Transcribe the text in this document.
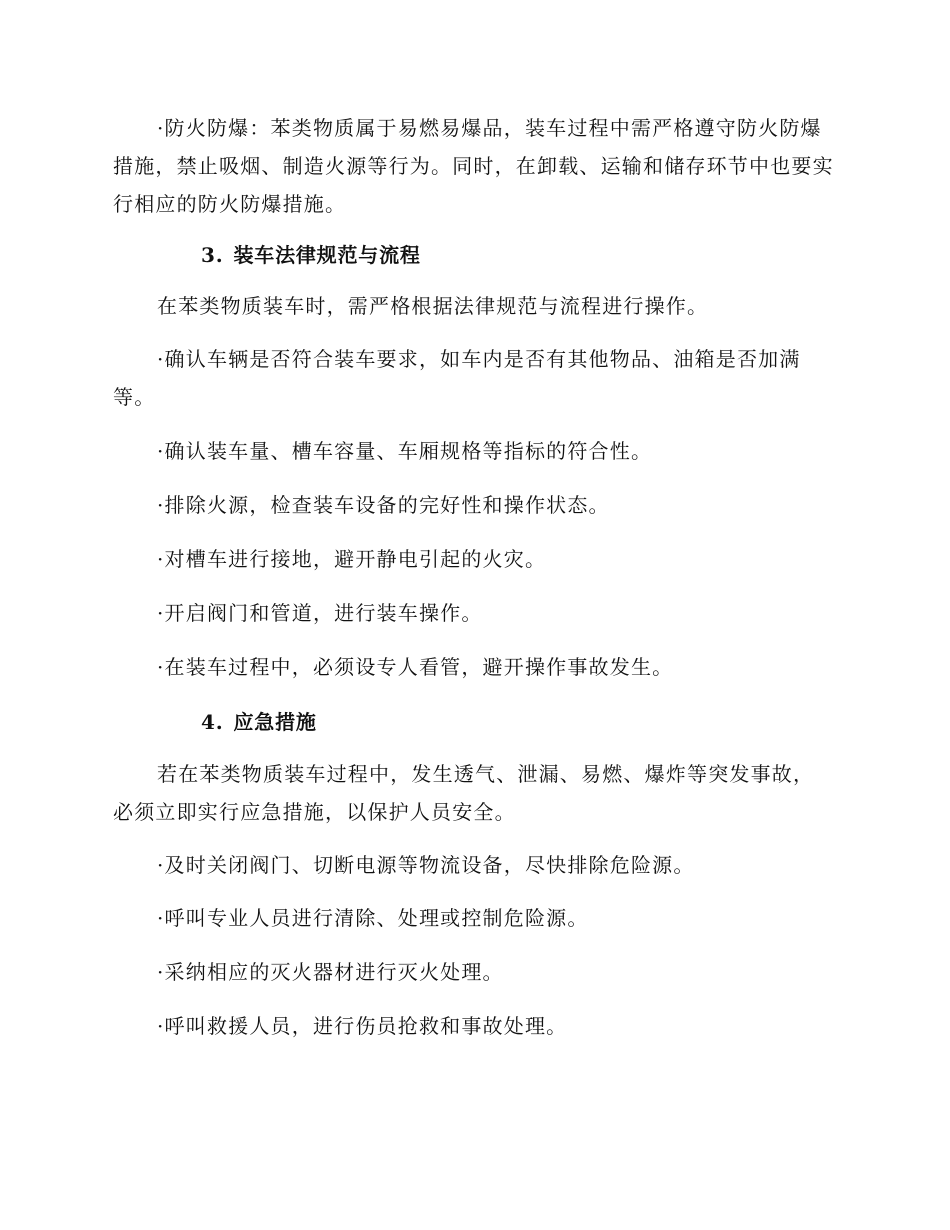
·防火防爆：苯类物质属于易燃易爆品，装车过程中需严格遵守防火防爆措施，禁止吸烟、制造火源等行为。同时，在卸载、运输和储存环节中也要实行相应的防火防爆措施。

3. 装车法律规范与流程

在苯类物质装车时，需严格根据法律规范与流程进行操作。

·确认车辆是否符合装车要求，如车内是否有其他物品、油箱是否加满等。

·确认装车量、槽车容量、车厢规格等指标的符合性。

·排除火源，检查装车设备的完好性和操作状态。

·对槽车进行接地，避开静电引起的火灾。

·开启阀门和管道，进行装车操作。

·在装车过程中，必须设专人看管，避开操作事故发生。

4. 应急措施

若在苯类物质装车过程中，发生透气、泄漏、易燃、爆炸等突发事故，必须立即实行应急措施，以保护人员安全。

·及时关闭阀门、切断电源等物流设备，尽快排除危险源。

·呼叫专业人员进行清除、处理或控制危险源。

·采纳相应的灭火器材进行灭火处理。

·呼叫救援人员，进行伤员抢救和事故处理。
